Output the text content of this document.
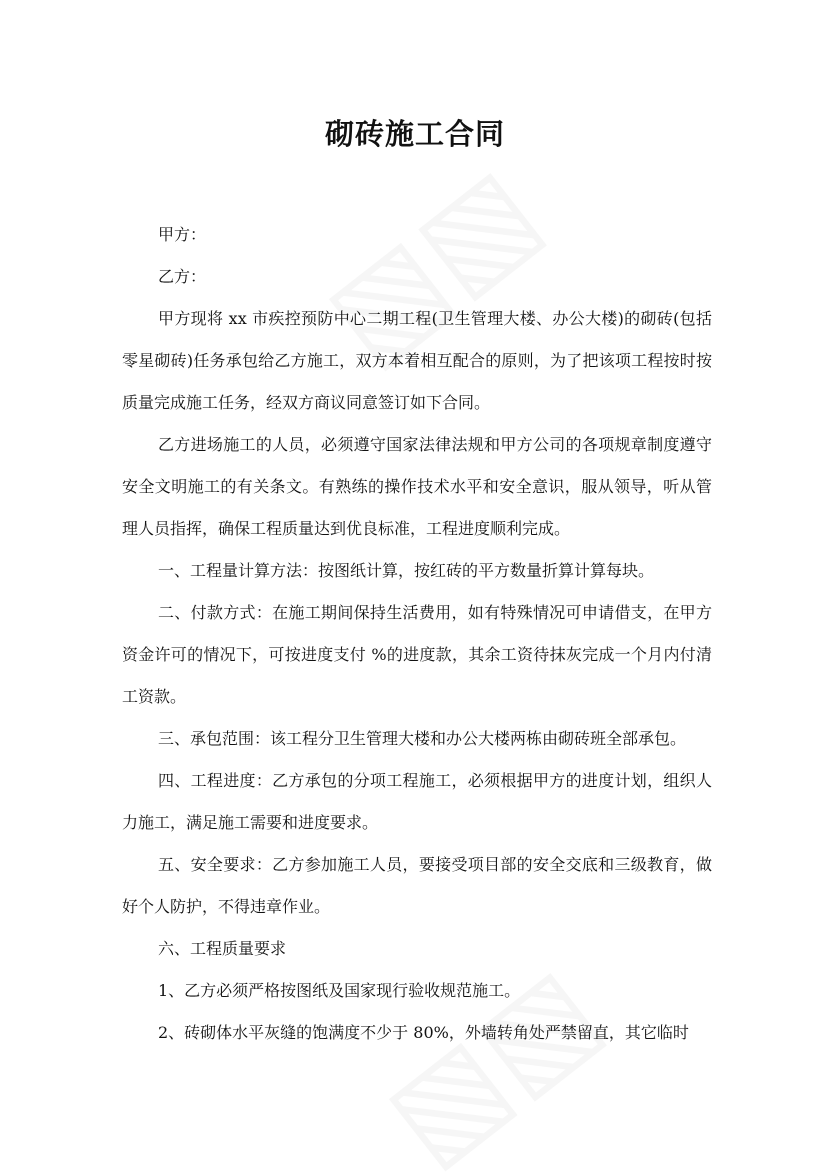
砌砖施工合同

甲方：

乙方：

甲方现将 xx 市疾控预防中心二期工程(卫生管理大楼、办公大楼)的砌砖(包括零星砌砖)任务承包给乙方施工，双方本着相互配合的原则，为了把该项工程按时按质量完成施工任务，经双方商议同意签订如下合同。

乙方进场施工的人员，必须遵守国家法律法规和甲方公司的各项规章制度遵守安全文明施工的有关条文。有熟练的操作技术水平和安全意识，服从领导，听从管理人员指挥，确保工程质量达到优良标准，工程进度顺利完成。

一、工程量计算方法：按图纸计算，按红砖的平方数量折算计算每块。

二、付款方式：在施工期间保持生活费用，如有特殊情况可申请借支，在甲方资金许可的情况下，可按进度支付 %的进度款，其余工资待抹灰完成一个月内付清工资款。

三、承包范围：该工程分卫生管理大楼和办公大楼两栋由砌砖班全部承包。

四、工程进度：乙方承包的分项工程施工，必须根据甲方的进度计划，组织人力施工，满足施工需要和进度要求。

五、安全要求：乙方参加施工人员，要接受项目部的安全交底和三级教育，做好个人防护，不得违章作业。

六、工程质量要求

1、乙方必须严格按图纸及国家现行验收规范施工。

2、砖砌体水平灰缝的饱满度不少于 80%，外墙转角处严禁留直，其它临时
